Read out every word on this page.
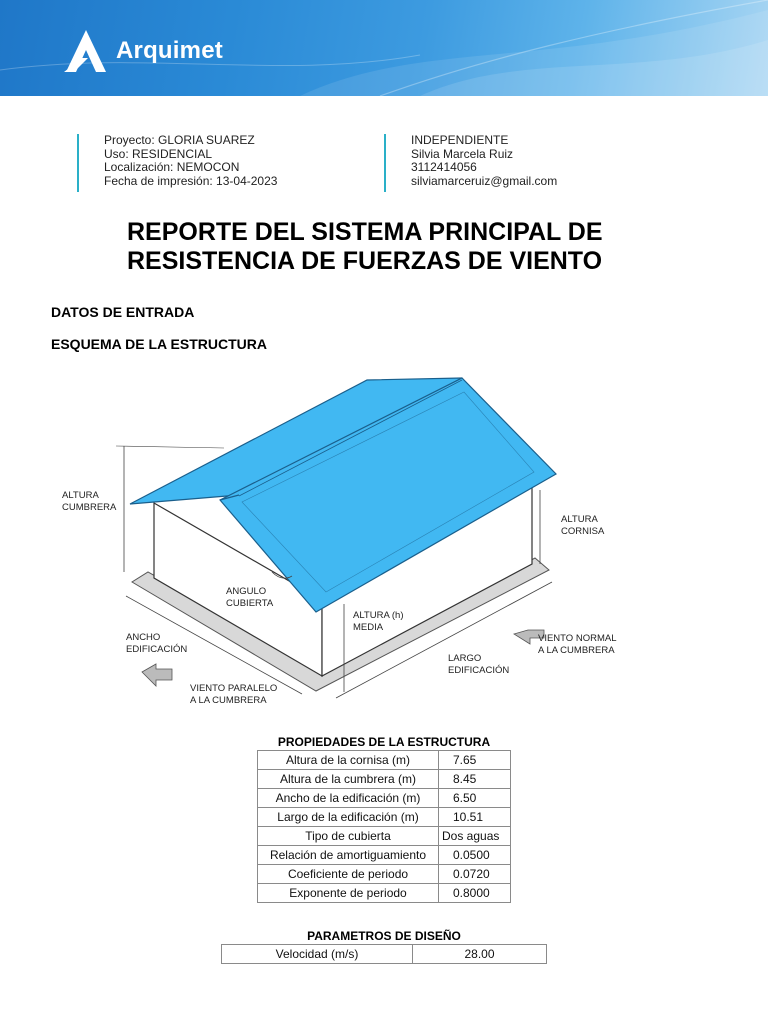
Arquimet
Proyecto: GLORIA SUAREZ
Uso: RESIDENCIAL
Localización: NEMOCON
Fecha de impresión: 13-04-2023
INDEPENDIENTE
Silvia Marcela Ruiz
3112414056
silviamarceruiz@gmail.com
REPORTE DEL SISTEMA PRINCIPAL DE
RESISTENCIA DE FUERZAS DE VIENTO
DATOS DE ENTRADA
ESQUEMA DE LA ESTRUCTURA
ALTURA
CUMBRERA
ALTURA
CORNISA
ANGULO
CUBIERTA
ALTURA (h)
MEDIA
ANCHO
EDIFICACIÓN
LARGO
EDIFICACIÓN
VIENTO NORMAL
A LA CUMBRERA
VIENTO PARALELO
A LA CUMBRERA
PROPIEDADES DE LA ESTRUCTURA
Altura de la cornisa (m)	7.65
Altura de la cumbrera (m)	8.45
Ancho de la edificación (m)	6.50
Largo de la edificación (m)	10.51
Tipo de cubierta	Dos aguas
Relación de amortiguamiento	0.0500
Coeficiente de periodo	0.0720
Exponente de periodo	0.8000
PARAMETROS DE DISEÑO
Velocidad (m/s)	28.00
